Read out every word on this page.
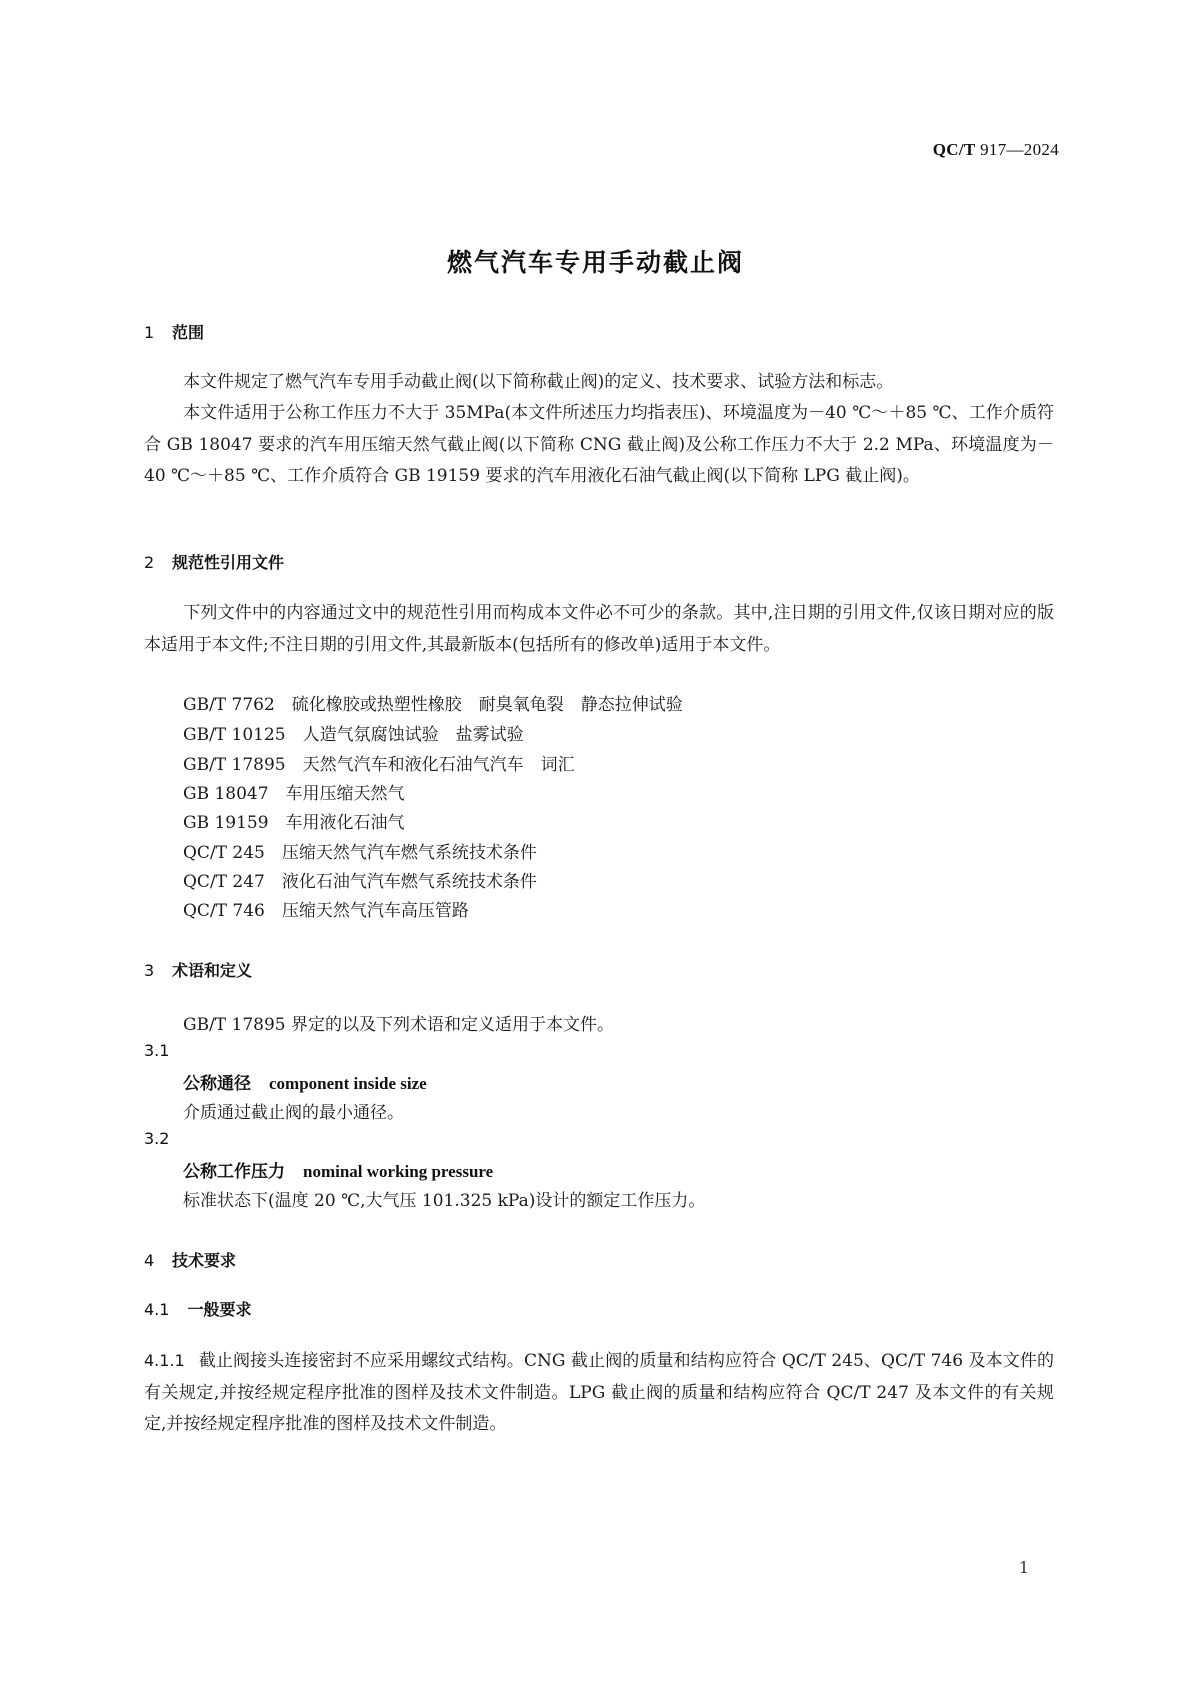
QC/T 917—2024
燃气汽车专用手动截止阀
1 范围
本文件规定了燃气汽车专用手动截止阀(以下简称截止阀)的定义、技术要求、试验方法和标志。
本文件适用于公称工作压力不大于 35MPa(本文件所述压力均指表压)、环境温度为－40 ℃～＋85 ℃、工作介质符合 GB 18047 要求的汽车用压缩天然气截止阀(以下简称 CNG 截止阀)及公称工作压力不大于 2.2 MPa、环境温度为－40 ℃～＋85 ℃、工作介质符合 GB 19159 要求的汽车用液化石油气截止阀(以下简称 LPG 截止阀)。
2 规范性引用文件
下列文件中的内容通过文中的规范性引用而构成本文件必不可少的条款。其中,注日期的引用文件,仅该日期对应的版本适用于本文件;不注日期的引用文件,其最新版本(包括所有的修改单)适用于本文件。
GB/T 7762　硫化橡胶或热塑性橡胶　耐臭氧龟裂　静态拉伸试验
GB/T 10125　人造气氛腐蚀试验　盐雾试验
GB/T 17895　天然气汽车和液化石油气汽车　词汇
GB 18047　车用压缩天然气
GB 19159　车用液化石油气
QC/T 245　压缩天然气汽车燃气系统技术条件
QC/T 247　液化石油气汽车燃气系统技术条件
QC/T 746　压缩天然气汽车高压管路
3 术语和定义
GB/T 17895 界定的以及下列术语和定义适用于本文件。
3.1
公称通径 component inside size
介质通过截止阀的最小通径。
3.2
公称工作压力 nominal working pressure
标准状态下(温度 20 ℃,大气压 101.325 kPa)设计的额定工作压力。
4 技术要求
4.1 一般要求
4.1.1 截止阀接头连接密封不应采用螺纹式结构。CNG 截止阀的质量和结构应符合 QC/T 245、QC/T 746 及本文件的有关规定,并按经规定程序批准的图样及技术文件制造。LPG 截止阀的质量和结构应符合 QC/T 247 及本文件的有关规定,并按经规定程序批准的图样及技术文件制造。
1
